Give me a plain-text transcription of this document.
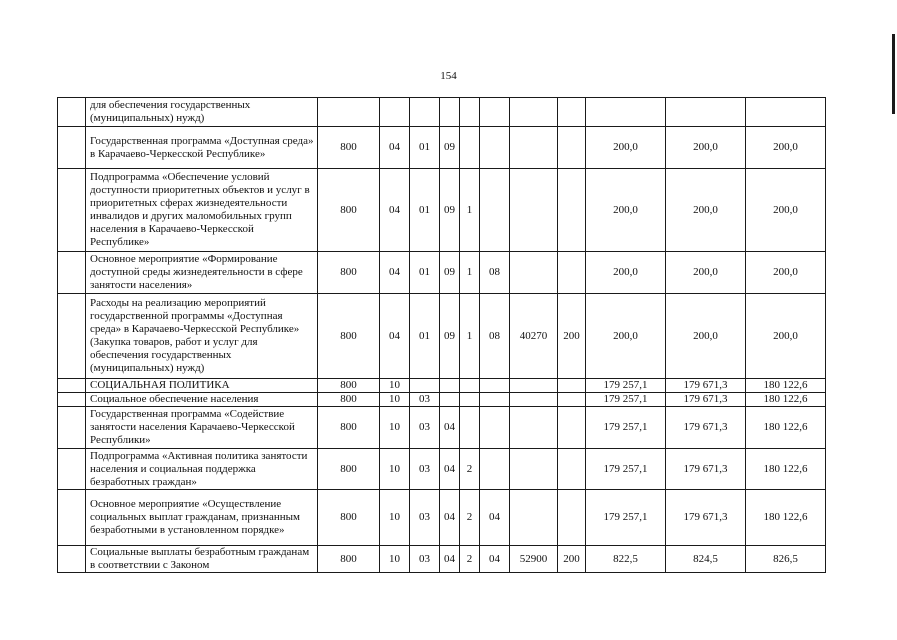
154
	для обеспечения государственных (муниципальных) нужд)											
	Государственная программа «Доступная среда» в Карачаево-Черкесской Республике»	800	04	01	09					200,0	200,0	200,0
	Подпрограмма «Обеспечение условий доступности приоритетных объектов и услуг в приоритетных сферах жизнедеятельности инвалидов и других маломобильных групп населения в Карачаево-Черкесской Республике»	800	04	01	09	1				200,0	200,0	200,0
	Основное мероприятие «Формирование доступной среды жизнедеятельности в сфере занятости населения»	800	04	01	09	1	08			200,0	200,0	200,0
	Расходы на реализацию мероприятий государственной программы «Доступная среда» в Карачаево-Черкесской Республике» (Закупка товаров, работ и услуг для обеспечения государственных (муниципальных) нужд)	800	04	01	09	1	08	40270	200	200,0	200,0	200,0
	СОЦИАЛЬНАЯ ПОЛИТИКА	800	10							179 257,1	179 671,3	180 122,6
	Социальное обеспечение населения	800	10	03						179 257,1	179 671,3	180 122,6
	Государственная программа «Содействие занятости населения Карачаево-Черкесской Республики»	800	10	03	04					179 257,1	179 671,3	180 122,6
	Подпрограмма «Активная политика занятости населения и социальная поддержка безработных граждан»	800	10	03	04	2				179 257,1	179 671,3	180 122,6
	Основное мероприятие «Осуществление социальных выплат гражданам, признанным безработными в установленном порядке»	800	10	03	04	2	04			179 257,1	179 671,3	180 122,6
	Социальные выплаты безработным гражданам в соответствии с Законом	800	10	03	04	2	04	52900	200	822,5	824,5	826,5
